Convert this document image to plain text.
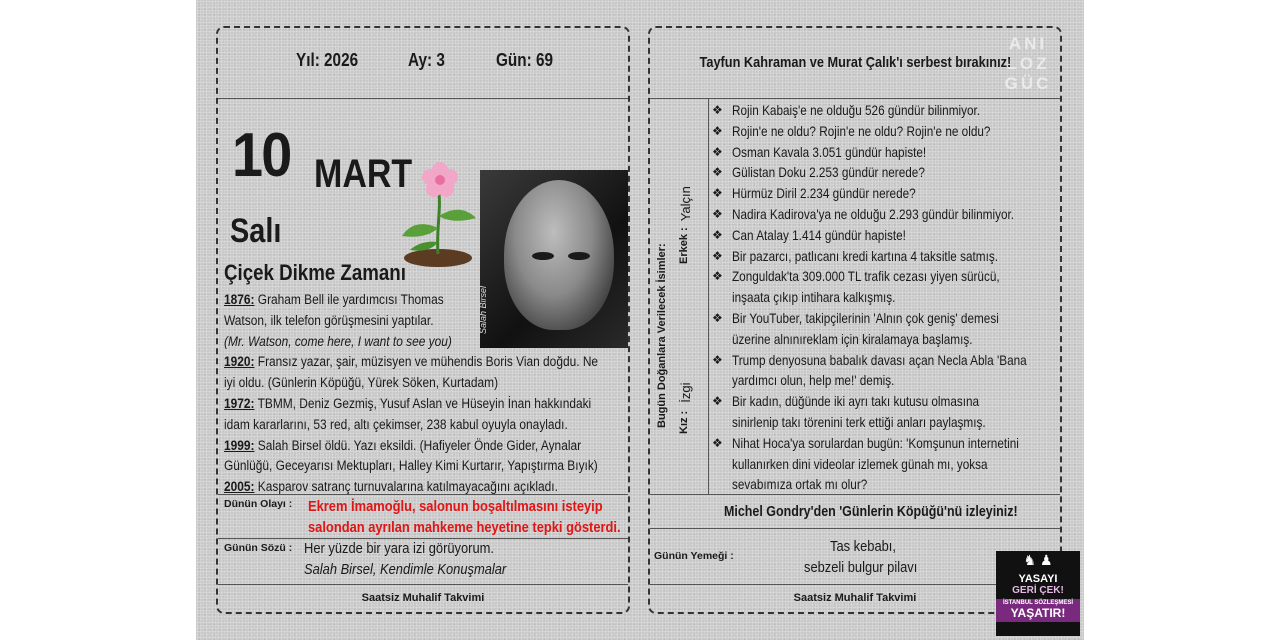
Yıl: 2026	Ay: 3	Gün: 69
10 MART
Salı
Çiçek Dikme Zamanı
Salah Birsel
1876: Graham Bell ile yardımcısı Thomas
Watson, ilk telefon görüşmesini yaptılar.
(Mr. Watson, come here, I want to see you)
1920: Fransız yazar, şair, müzisyen ve mühendis Boris Vian doğdu. Ne
iyi oldu. (Günlerin Köpüğü, Yürek Söken, Kurtadam)
1972: TBMM, Deniz Gezmiş, Yusuf Aslan ve Hüseyin İnan hakkındaki
idam kararlarını, 53 red, altı çekimser, 238 kabul oyuyla onayladı.
1999: Salah Birsel öldü. Yazı eksildi. (Hafiyeler Önde Gider, Aynalar
Günlüğü, Geceyarısı Mektupları, Halley Kimi Kurtarır, Yapıştırma Bıyık)
2005: Kasparov satranç turnuvalarına katılmayacağını açıkladı.
Dünün Olayı : Ekrem İmamoğlu, salonun boşaltılmasını isteyip
salondan ayrılan mahkeme heyetine tepki gösterdi.
Günün Sözü : Her yüzde bir yara izi görüyorum.
Salah Birsel, Kendimle Konuşmalar
Saatsiz Muhalif Takvimi
ANI
LOZ
GÜC
Tayfun Kahraman ve Murat Çalık'ı serbest bırakınız!
Bugün Doğanlara Verilecek İsimler: Erkek :
Yalçın
Kız :
İzgi
❖ Rojin Kabaiş'e ne olduğu 526 gündür bilinmiyor.
❖ Rojin'e ne oldu? Rojin'e ne oldu? Rojin'e ne oldu?
❖ Osman Kavala 3.051 gündür hapiste!
❖ Gülistan Doku 2.253 gündür nerede?
❖ Hürmüz Diril 2.234 gündür nerede?
❖ Nadira Kadirova'ya ne olduğu 2.293 gündür bilinmiyor.
❖ Can Atalay 1.414 gündür hapiste!
❖ Bir pazarcı, patlıcanı kredi kartına 4 taksitle satmış.
❖ Zonguldak'ta 309.000 TL trafik cezası yiyen sürücü,
inşaata çıkıp intihara kalkışmış.
❖ Bir YouTuber, takipçilerinin 'Alnın çok geniş' demesi
üzerine alnınıreklam için kiralamaya başlamış.
❖ Trump denyosuna babalık davası açan Necla Abla 'Bana
yardımcı olun, help me!' demiş.
❖ Bir kadın, düğünde iki ayrı takı kutusu olmasına
sinirlenip takı törenini terk ettiği anları paylaşmış.
❖ Nihat Hoca'ya sorulardan bugün: 'Komşunun internetini
kullanırken dini videolar izlemek günah mı, yoksa
sevabımıza ortak mı olur?
Michel Gondry'den 'Günlerin Köpüğü'nü izleyiniz!
Günün Yemeği :
Tas kebabı,
sebzeli bulgur pilavı
Saatsiz Muhalif Takvimi
♞ ♟
YASAYI
GERİ ÇEK!
İSTANBUL SÖZLEŞMESİ
YAŞATIR!
